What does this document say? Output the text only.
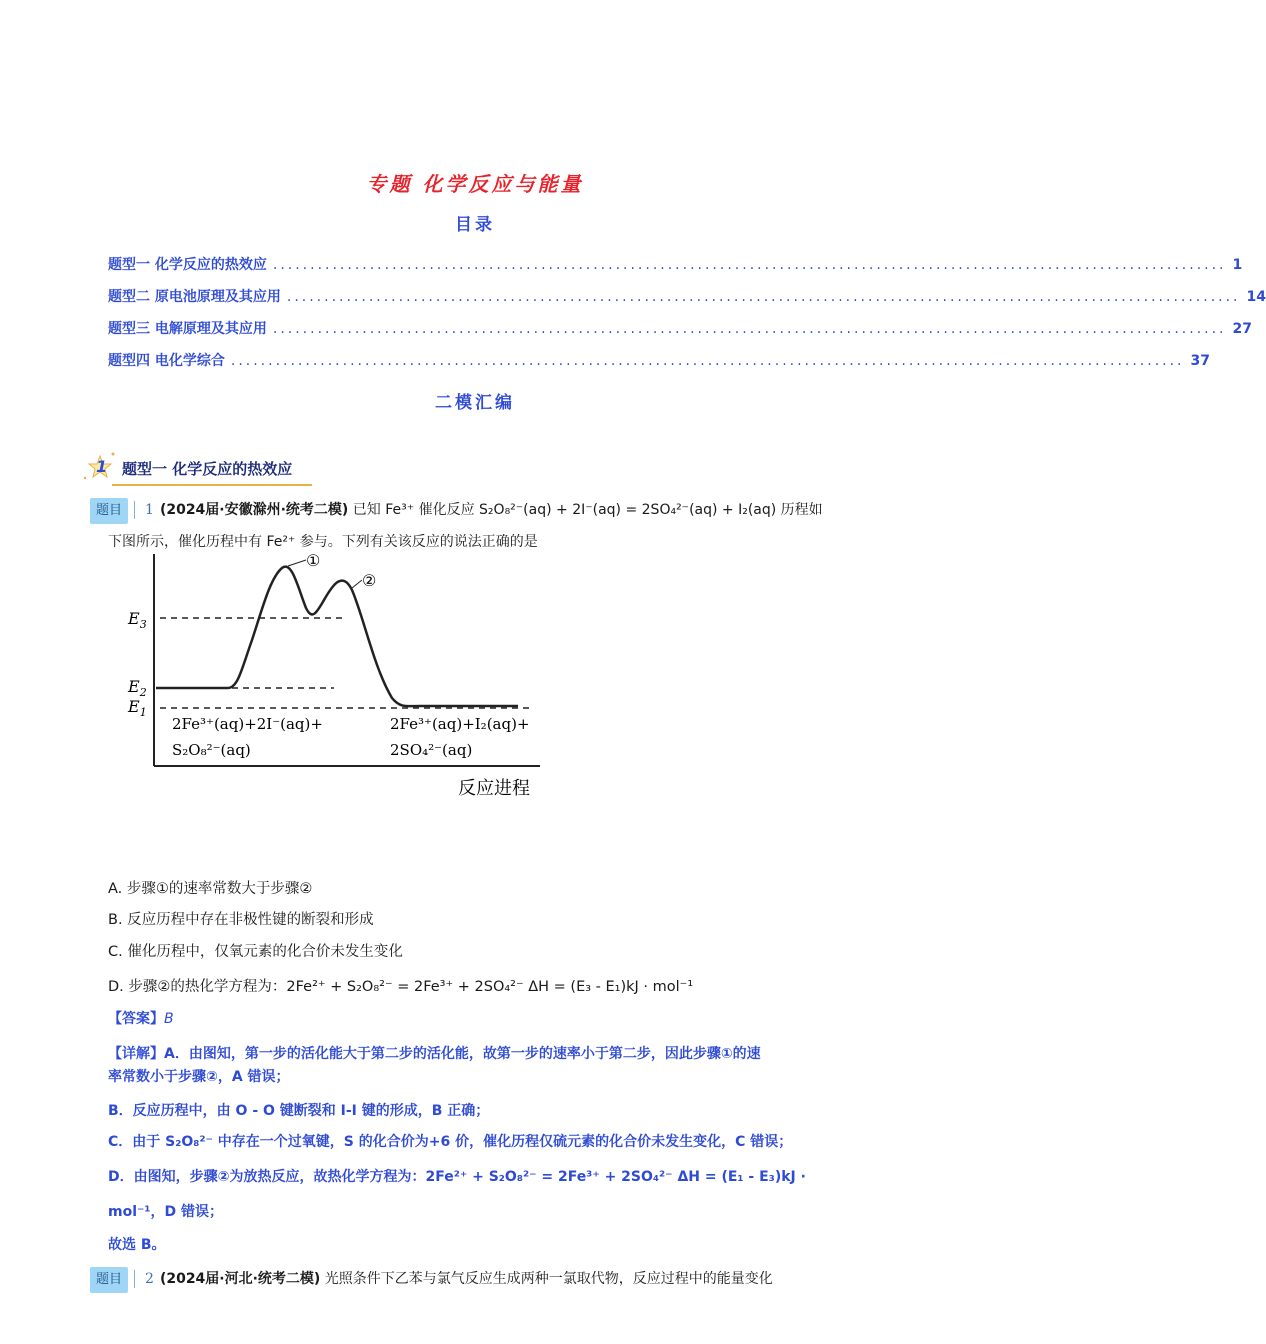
专题 化学反应与能量
目录
题型一 化学反应的热效应 ................................................................................................................................ 1
题型二 原电池原理及其应用 ................................................................................................................................ 14
题型三 电解原理及其应用 ................................................................................................................................ 27
题型四 电化学综合 ................................................................................................................................ 37
二模汇编
1 题型一 化学反应的热效应
题目 1 (2024届·安徽滁州·统考二模) 已知 Fe³⁺ 催化反应 S₂O₈²⁻(aq) + 2I⁻(aq) = 2SO₄²⁻(aq) + I₂(aq) 历程如
下图所示，催化历程中有 Fe²⁺ 参与。下列有关该反应的说法正确的是
$E_3$
$E_2$
$E_1$
①
②
2Fe³⁺(aq)+2I⁻(aq)+
S₂O₈²⁻(aq)
2Fe³⁺(aq)+I₂(aq)+
2SO₄²⁻(aq)
反应进程
A. 步骤①的速率常数大于步骤②
B. 反应历程中存在非极性键的断裂和形成
C. 催化历程中，仅氧元素的化合价未发生变化
D. 步骤②的热化学方程为：2Fe²⁺ + S₂O₈²⁻ = 2Fe³⁺ + 2SO₄²⁻ ΔH = (E₃ - E₁)kJ · mol⁻¹
【答案】B
【详解】A．由图知，第一步的活化能大于第二步的活化能，故第一步的速率小于第二步，因此步骤①的速
率常数小于步骤②，A 错误；
B．反应历程中，由 O - O 键断裂和 I-I 键的形成，B 正确；
C．由于 S₂O₈²⁻ 中存在一个过氧键，S 的化合价为+6 价，催化历程仅硫元素的化合价未发生变化，C 错误；
D．由图知，步骤②为放热反应，故热化学方程为：2Fe²⁺ + S₂O₈²⁻ = 2Fe³⁺ + 2SO₄²⁻ ΔH = (E₁ - E₃)kJ ·
mol⁻¹，D 错误；
故选 B。
题目 2 (2024届·河北·统考二模) 光照条件下乙苯与氯气反应生成两种一氯取代物，反应过程中的能量变化
